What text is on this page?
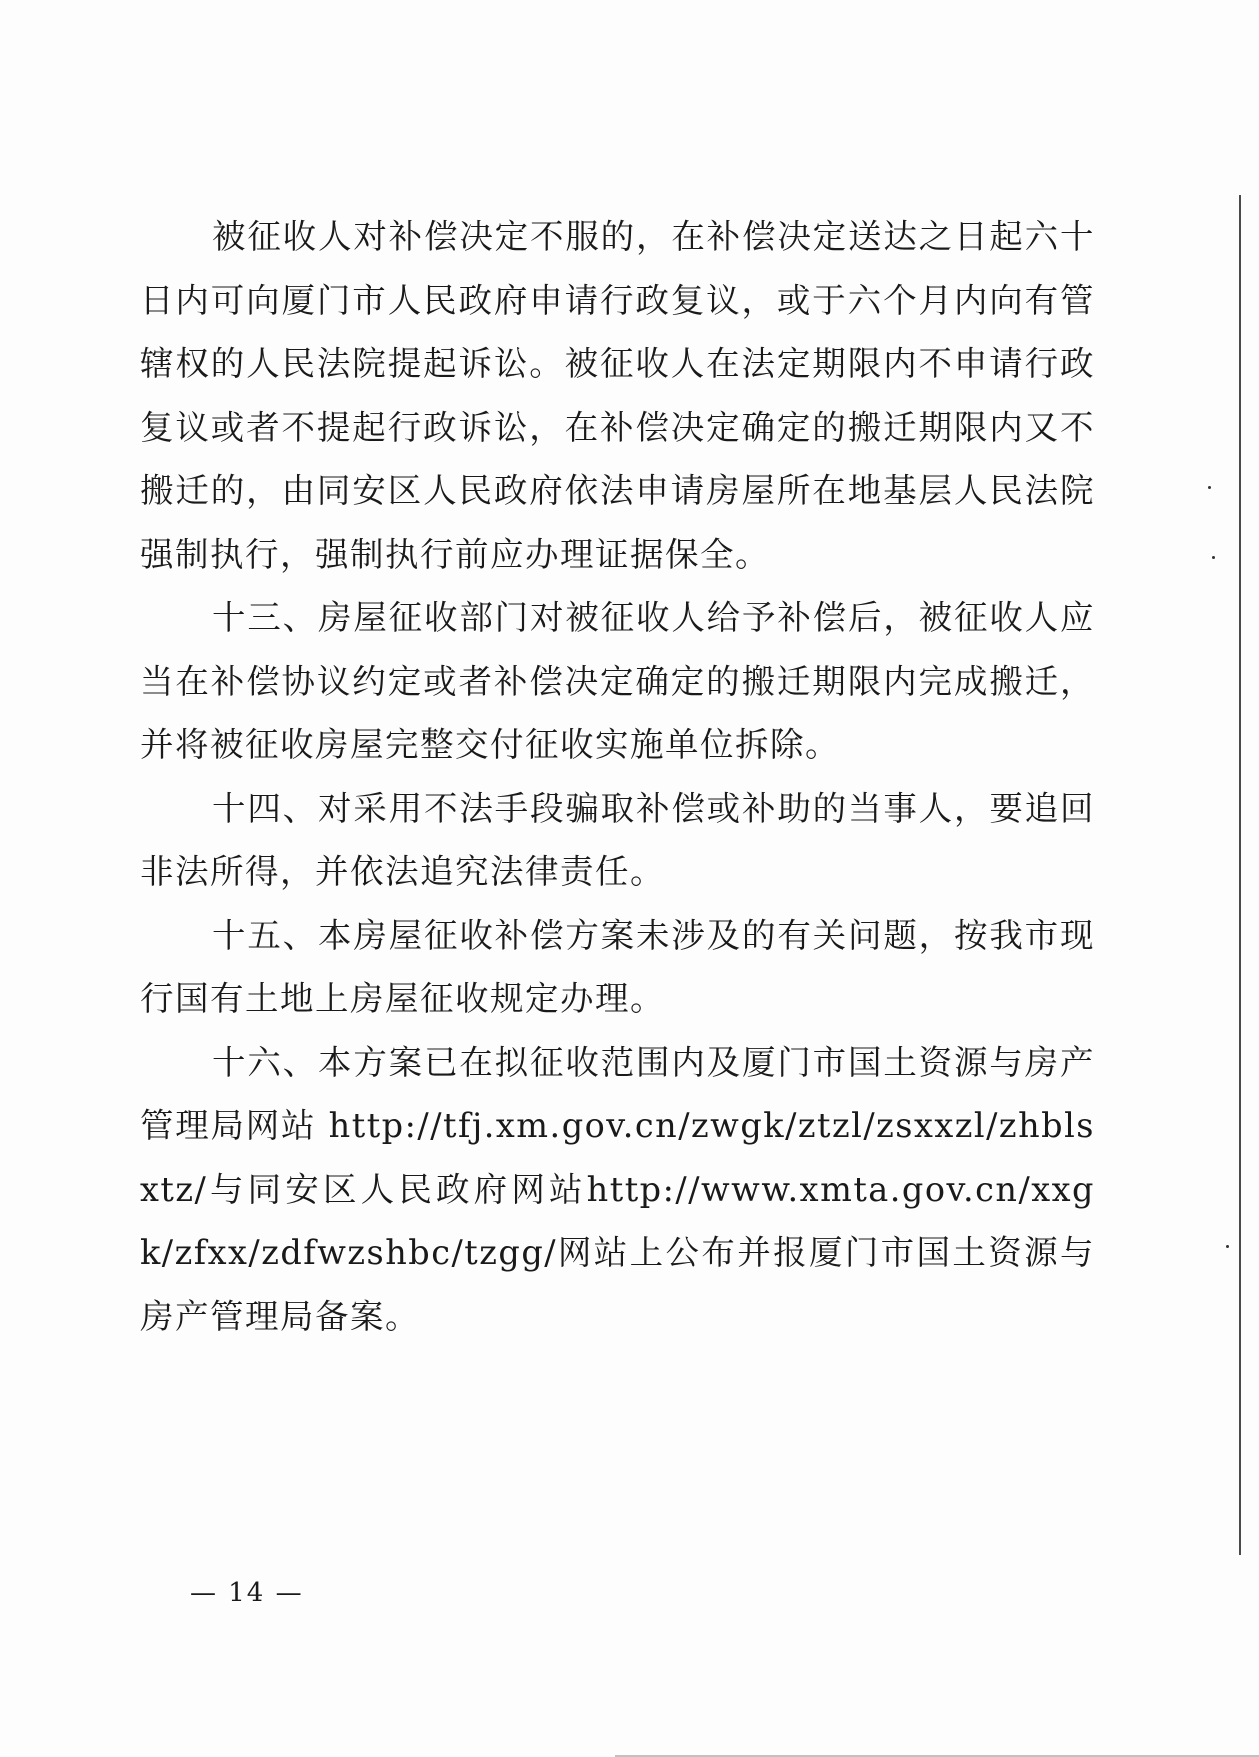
被征收人对补偿决定不服的，在补偿决定送达之日起六十日内可向厦门市人民政府申请行政复议，或于六个月内向有管辖权的人民法院提起诉讼。被征收人在法定期限内不申请行政复议或者不提起行政诉讼，在补偿决定确定的搬迁期限内又不搬迁的，由同安区人民政府依法申请房屋所在地基层人民法院强制执行，强制执行前应办理证据保全。

十三、房屋征收部门对被征收人给予补偿后，被征收人应当在补偿协议约定或者补偿决定确定的搬迁期限内完成搬迁，并将被征收房屋完整交付征收实施单位拆除。

十四、对采用不法手段骗取补偿或补助的当事人，要追回非法所得，并依法追究法律责任。

十五、本房屋征收补偿方案未涉及的有关问题，按我市现行国有土地上房屋征收规定办理。

十六、本方案已在拟征收范围内及厦门市国土资源与房产管理局网站 http://tfj.xm.gov.cn/zwgk/ztzl/zsxxzl/zhblsxtz/与同安区人民政府网站http://www.xmta.gov.cn/xxgk/zfxx/zdfwzshbc/tzgg/网站上公布并报厦门市国土资源与房产管理局备案。

— 14 —
